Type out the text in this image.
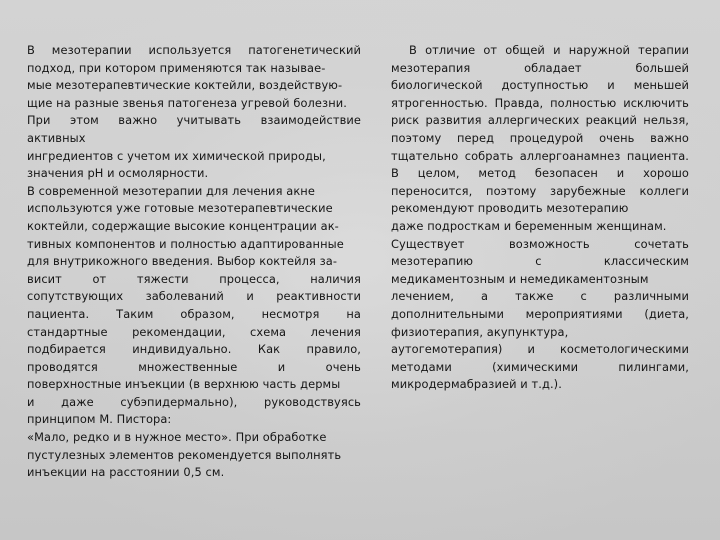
В мезотерапии используется патогенетический
подход, при котором применяются так называе-
мые мезотерапевтические коктейли, воздействую-
щие на разные звенья патогенеза угревой болезни.
При этом важно учитывать взаимодействие
активных
ингредиентов с учетом их химической природы,
значения pH и осмолярности.
В современной мезотерапии для лечения акне
используются уже готовые мезотерапевтические
коктейли, содержащие высокие концентрации ак-
тивных компонентов и полностью адаптированные
для внутрикожного введения. Выбор коктейля за-
висит от тяжести процесса, наличия
сопутствующих заболеваний и реактивности
пациента. Таким образом, несмотря на
стандартные рекомендации, схема лечения
подбирается индивидуально. Как правило,
проводятся множественные и очень
поверхностные инъекции (в верхнюю часть дермы
и даже субэпидермально), руководствуясь
принципом М. Пистора:
«Мало, редко и в нужное место». При обработке
пустулезных элементов рекомендуется выполнять
инъекции на расстоянии 0,5 см.
В отличие от общей и наружной терапии
мезотерапия обладает большей
биологической доступностью и меньшей
ятрогенностью. Правда, полностью исключить
риск развития аллергических реакций нельзя,
поэтому перед процедурой очень важно
тщательно собрать аллергоанамнез пациента.
В целом, метод безопасен и хорошо
переносится, поэтому зарубежные коллеги
рекомендуют проводить мезотерапию
даже подросткам и беременным женщинам.
Существует возможность сочетать
мезотерапию с классическим
медикаментозным и немедикаментозным
лечением, а также с различными
дополнительными мероприятиями (диета,
физиотерапия, акупунктура,
аутогемотерапия) и косметологическими
методами (химическими пилингами,
микродермабразией и т.д.).
